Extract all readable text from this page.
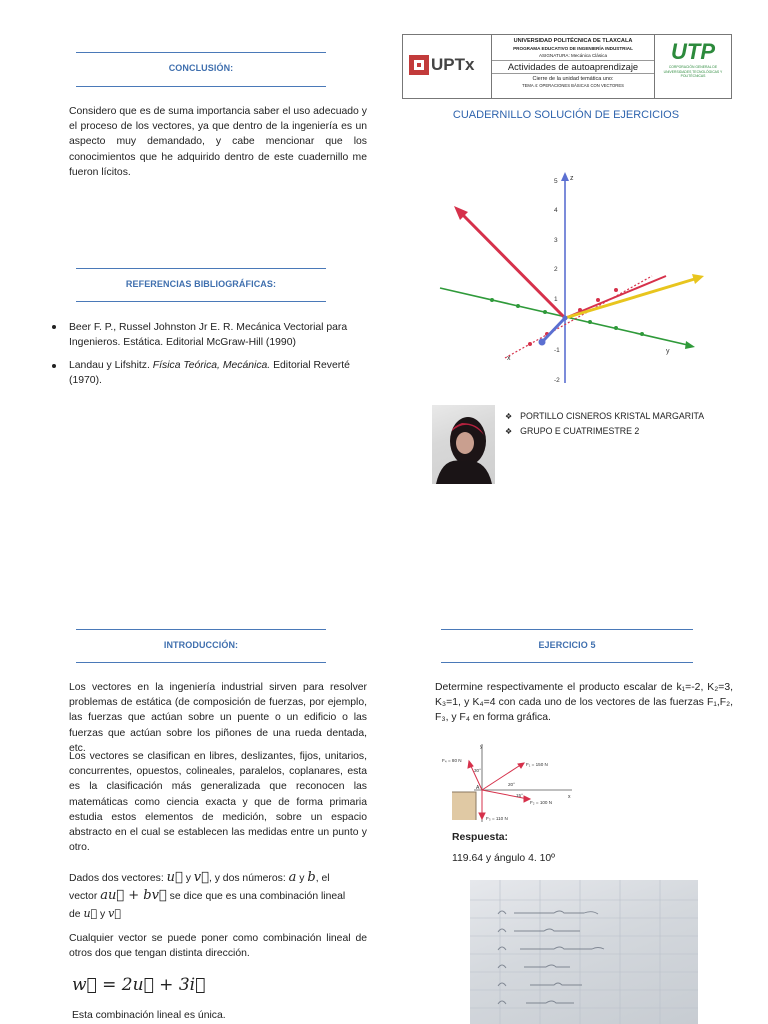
CONCLUSIÓN:
Considero que es de suma importancia saber el uso adecuado y el proceso de los vectores, ya que dentro de la ingeniería es un aspecto muy demandado, y cabe mencionar que los conocimientos que he adquirido dentro de este cuadernillo me fueron lícitos.
REFERENCIAS BIBLIOGRÁFICAS:
Beer F. P., Russel Johnston Jr E. R. Mecánica Vectorial para Ingenieros. Estática. Editorial McGraw-Hill (1990)
Landau y Lifshitz. Física Teórica, Mecánica. Editorial Reverté (1970).
INTRODUCCIÓN:
Los vectores en la ingeniería industrial sirven para resolver problemas de estática (de composición de fuerzas, por ejemplo, las fuerzas que actúan sobre un puente o un edificio o las fuerzas que actúan sobre los piñones de una rueda dentada, etc.
Los vectores se clasifican en libres, deslizantes, fijos, unitarios, concurrentes, opuestos, colineales, paralelos, coplanares, esta es la clasificación más generalizada que reconocen las matemáticas como ciencia exacta y que de forma primaria estudia estos elementos de medición, sobre un espacio abstracto en el cual se establecen las medidas entre un punto y otro.
Dados dos vectores: u⃗ y v⃗, y dos números: a y b, el
vector au⃗ + bv⃗ se dice que es una combinación lineal
de u⃗ y v⃗
Cualquier vector se puede poner como combinación lineal de otros dos que tengan distinta dirección.
w⃗ = 2u⃗ + 3i⃗
Esta combinación lineal es única.
UPTx
UNIVERSIDAD POLITÉCNICA DE TLAXCALA
PROGRAMA EDUCATIVO DE INGENIERÍA INDUSTRIAL
ASIGNATURA: Mecánica Clásica
Actividades de autoaprendizaje
Cierre de la unidad temática uno:
TEMA 4: OPERACIONES BÁSICAS CON VECTORES
UTP
CORPORACIÓN GENERAL DE UNIVERSIDADES TECNOLÓGICAS Y POLITÉCNICAS
CUADERNILLO SOLUCIÓN DE EJERCICIOS
z
5
4
3
2
1
-1
-2
y
x
❖ PORTILLO CISNEROS KRISTAL MARGARITA
❖ GRUPO E CUATRIMESTRE 2
EJERCICIO 5
Determine respectivamente el producto escalar de k₁=-2, K₂=3, K₃=1, y K₄=4 con cada uno de los vectores de las fuerzas F₁,F₂, F₃, y F₄ en forma gráfica.
y
x
A
F₁ = 150 N
F₂ = 100 N
F₃ = 110 N
F₄ = 80 N
30°
20°
15°
Respuesta:
119.64 y ángulo 4. 10º
